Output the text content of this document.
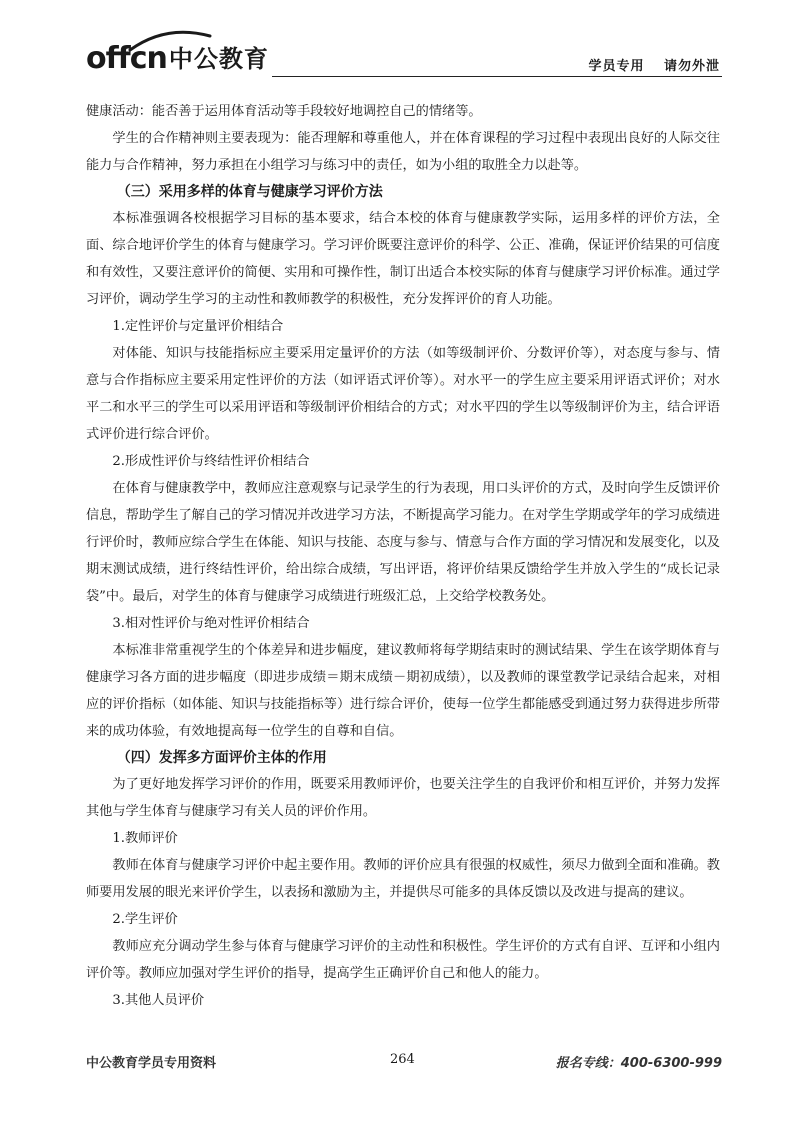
offcn 中公教育	学员专用 请勿外泄

健康活动：能否善于运用体育活动等手段较好地调控自己的情绪等。

学生的合作精神则主要表现为：能否理解和尊重他人，并在体育课程的学习过程中表现出良好的人际交往能力与合作精神，努力承担在小组学习与练习中的责任，如为小组的取胜全力以赴等。

（三）采用多样的体育与健康学习评价方法

本标准强调各校根据学习目标的基本要求，结合本校的体育与健康教学实际，运用多样的评价方法，全面、综合地评价学生的体育与健康学习。学习评价既要注意评价的科学、公正、准确，保证评价结果的可信度和有效性，又要注意评价的简便、实用和可操作性，制订出适合本校实际的体育与健康学习评价标准。通过学习评价，调动学生学习的主动性和教师教学的积极性，充分发挥评价的育人功能。

1.定性评价与定量评价相结合

对体能、知识与技能指标应主要采用定量评价的方法（如等级制评价、分数评价等），对态度与参与、情意与合作指标应主要采用定性评价的方法（如评语式评价等）。对水平一的学生应主要采用评语式评价；对水平二和水平三的学生可以采用评语和等级制评价相结合的方式；对水平四的学生以等级制评价为主，结合评语式评价进行综合评价。

2.形成性评价与终结性评价相结合

在体育与健康教学中，教师应注意观察与记录学生的行为表现，用口头评价的方式，及时向学生反馈评价信息，帮助学生了解自己的学习情况并改进学习方法，不断提高学习能力。在对学生学期或学年的学习成绩进行评价时，教师应综合学生在体能、知识与技能、态度与参与、情意与合作方面的学习情况和发展变化，以及期末测试成绩，进行终结性评价，给出综合成绩，写出评语，将评价结果反馈给学生并放入学生的“成长记录袋”中。最后，对学生的体育与健康学习成绩进行班级汇总，上交给学校教务处。

3.相对性评价与绝对性评价相结合

本标准非常重视学生的个体差异和进步幅度，建议教师将每学期结束时的测试结果、学生在该学期体育与健康学习各方面的进步幅度（即进步成绩＝期末成绩－期初成绩），以及教师的课堂教学记录结合起来，对相应的评价指标（如体能、知识与技能指标等）进行综合评价，使每一位学生都能感受到通过努力获得进步所带来的成功体验，有效地提高每一位学生的自尊和自信。

（四）发挥多方面评价主体的作用

为了更好地发挥学习评价的作用，既要采用教师评价，也要关注学生的自我评价和相互评价，并努力发挥其他与学生体育与健康学习有关人员的评价作用。

1.教师评价

教师在体育与健康学习评价中起主要作用。教师的评价应具有很强的权威性，须尽力做到全面和准确。教师要用发展的眼光来评价学生，以表扬和激励为主，并提供尽可能多的具体反馈以及改进与提高的建议。

2.学生评价

教师应充分调动学生参与体育与健康学习评价的主动性和积极性。学生评价的方式有自评、互评和小组内评价等。教师应加强对学生评价的指导，提高学生正确评价自己和他人的能力。

3.其他人员评价

中公教育学员专用资料	264	报名专线：400-6300-999
